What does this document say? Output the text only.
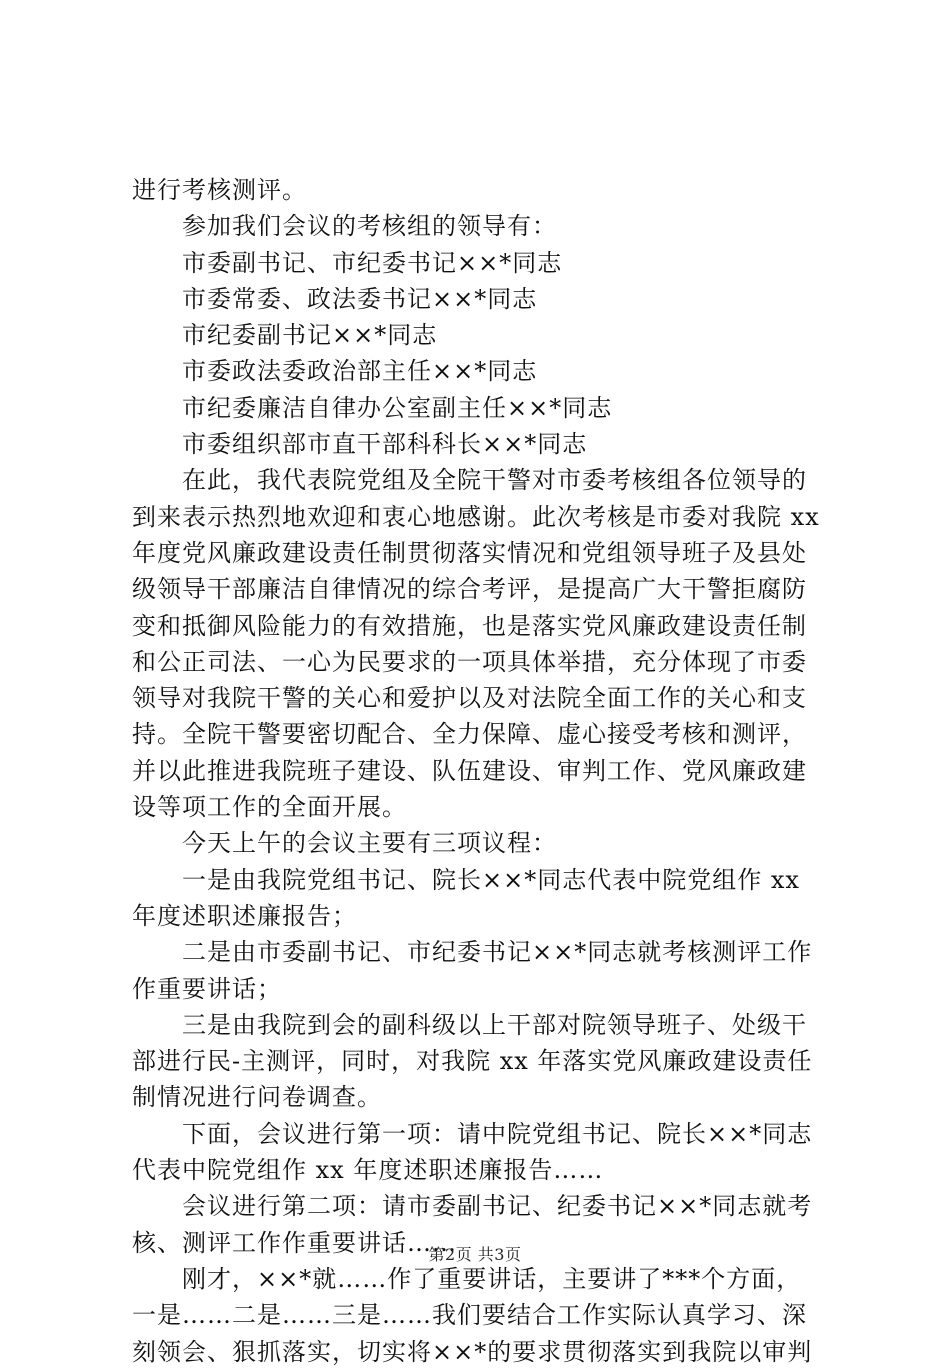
进行考核测评。
参加我们会议的考核组的领导有：
市委副书记、市纪委书记××*同志
市委常委、政法委书记××*同志
市纪委副书记××*同志
市委政法委政治部主任××*同志
市纪委廉洁自律办公室副主任××*同志
市委组织部市直干部科科长××*同志
在此，我代表院党组及全院干警对市委考核组各位领导的
到来表示热烈地欢迎和衷心地感谢。此次考核是市委对我院 xx
年度党风廉政建设责任制贯彻落实情况和党组领导班子及县处
级领导干部廉洁自律情况的综合考评，是提高广大干警拒腐防
变和抵御风险能力的有效措施，也是落实党风廉政建设责任制
和公正司法、一心为民要求的一项具体举措，充分体现了市委
领导对我院干警的关心和爱护以及对法院全面工作的关心和支
持。全院干警要密切配合、全力保障、虚心接受考核和测评，
并以此推进我院班子建设、队伍建设、审判工作、党风廉政建
设等项工作的全面开展。
今天上午的会议主要有三项议程：
一是由我院党组书记、院长××*同志代表中院党组作 xx
年度述职述廉报告；
二是由市委副书记、市纪委书记××*同志就考核测评工作
作重要讲话；
三是由我院到会的副科级以上干部对院领导班子、处级干
部进行民-主测评，同时，对我院 xx 年落实党风廉政建设责任
制情况进行问卷调查。
下面，会议进行第一项：请中院党组书记、院长××*同志
代表中院党组作 xx 年度述职述廉报告……
会议进行第二项：请市委副书记、纪委书记××*同志就考
核、测评工作作重要讲话……
刚才，××*就……作了重要讲话，主要讲了***个方面，
一是……二是……三是……我们要结合工作实际认真学习、深
刻领会、狠抓落实，切实将××*的要求贯彻落实到我院以审判
第2页 共3页
